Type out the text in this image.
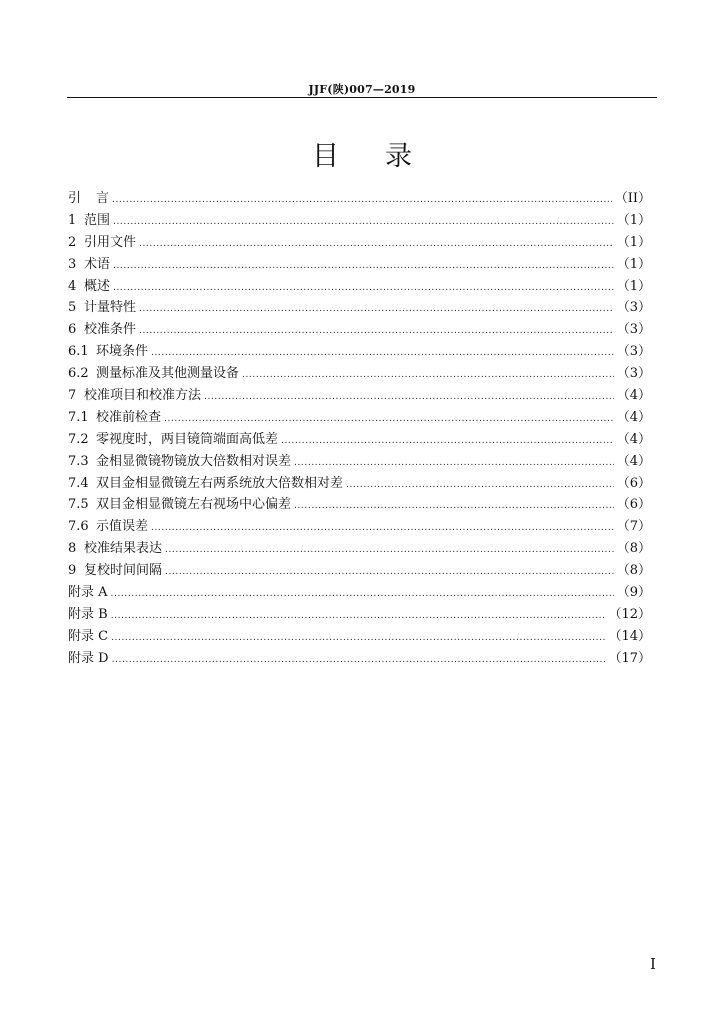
JJF(陕)007—2019
目录
引	言 .....	（II）
1 范围 .....	（1）
2 引用文件 .....	（1）
3 术语 .....	（1）
4 概述 .....	（1）
5 计量特性 .....	（3）
6 校准条件 .....	（3）
6.1 环境条件 .....	（3）
6.2 测量标准及其他测量设备 .....	（3）
7 校准项目和校准方法 .....	（4）
7.1 校准前检查 .....	（4）
7.2 零视度时，两目镜筒端面高低差 .....	（4）
7.3 金相显微镜物镜放大倍数相对误差 .....	（4）
7.4 双目金相显微镜左右两系统放大倍数相对差 .....	（6）
7.5 双目金相显微镜左右视场中心偏差 .....	（6）
7.6 示值误差 .....	（7）
8 校准结果表达 .....	（8）
9 复校时间间隔 .....	（8）
附录 A .....	（9）
附录 B .....	（12）
附录 C .....	（14）
附录 D .....	（17）
I
